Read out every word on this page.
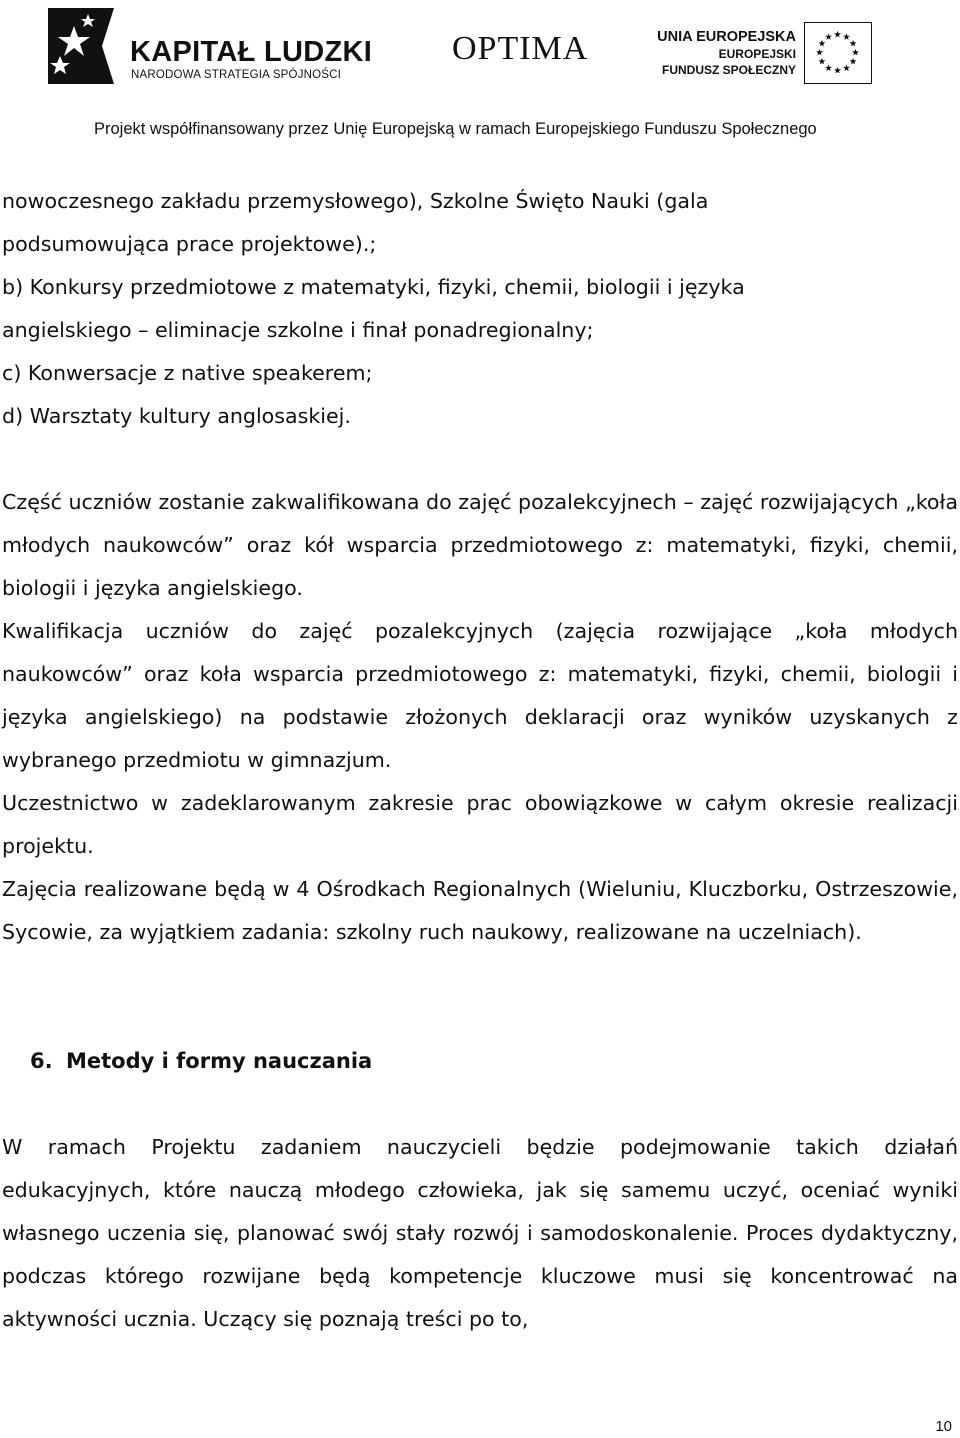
KAPITAŁ LUDZKI
NARODOWA STRATEGIA SPÓJNOŚCI
OPTIMA	UNIA EUROPEJSKA
EUROPEJSKI
FUNDUSZ SPOŁECZNY
Projekt współfinansowany przez Unię Europejską w ramach Europejskiego Funduszu Społecznego

nowoczesnego zakładu przemysłowego), Szkolne Święto Nauki (gala

podsumowująca prace projektowe).;

b) Konkursy przedmiotowe z matematyki, fizyki, chemii, biologii i języka

angielskiego – eliminacje szkolne i finał ponadregionalny;

c) Konwersacje z native speakerem;

d) Warsztaty kultury anglosaskiej.

Część uczniów zostanie zakwalifikowana do zajęć pozalekcyjnech – zajęć rozwijających „koła młodych naukowców” oraz kół wsparcia przedmiotowego z: matematyki, fizyki, chemii, biologii i języka angielskiego.

Kwalifikacja uczniów do zajęć pozalekcyjnych (zajęcia rozwijające „koła młodych naukowców” oraz koła wsparcia przedmiotowego z: matematyki, fizyki, chemii, biologii i języka angielskiego) na podstawie złożonych deklaracji oraz wyników uzyskanych z wybranego przedmiotu w gimnazjum.

Uczestnictwo w zadeklarowanym zakresie prac obowiązkowe w całym okresie realizacji projektu.

Zajęcia realizowane będą w 4 Ośrodkach Regionalnych (Wieluniu, Kluczborku, Ostrzeszowie, Sycowie, za wyjątkiem zadania: szkolny ruch naukowy, realizowane na uczelniach).

6. Metody i formy nauczania

W ramach Projektu zadaniem nauczycieli będzie podejmowanie takich działań edukacyjnych, które nauczą młodego człowieka, jak się samemu uczyć, oceniać wyniki własnego uczenia się, planować swój stały rozwój i samodoskonalenie. Proces dydaktyczny, podczas którego rozwijane będą kompetencje kluczowe musi się koncentrować na aktywności ucznia. Uczący się poznają treści po to,

10
